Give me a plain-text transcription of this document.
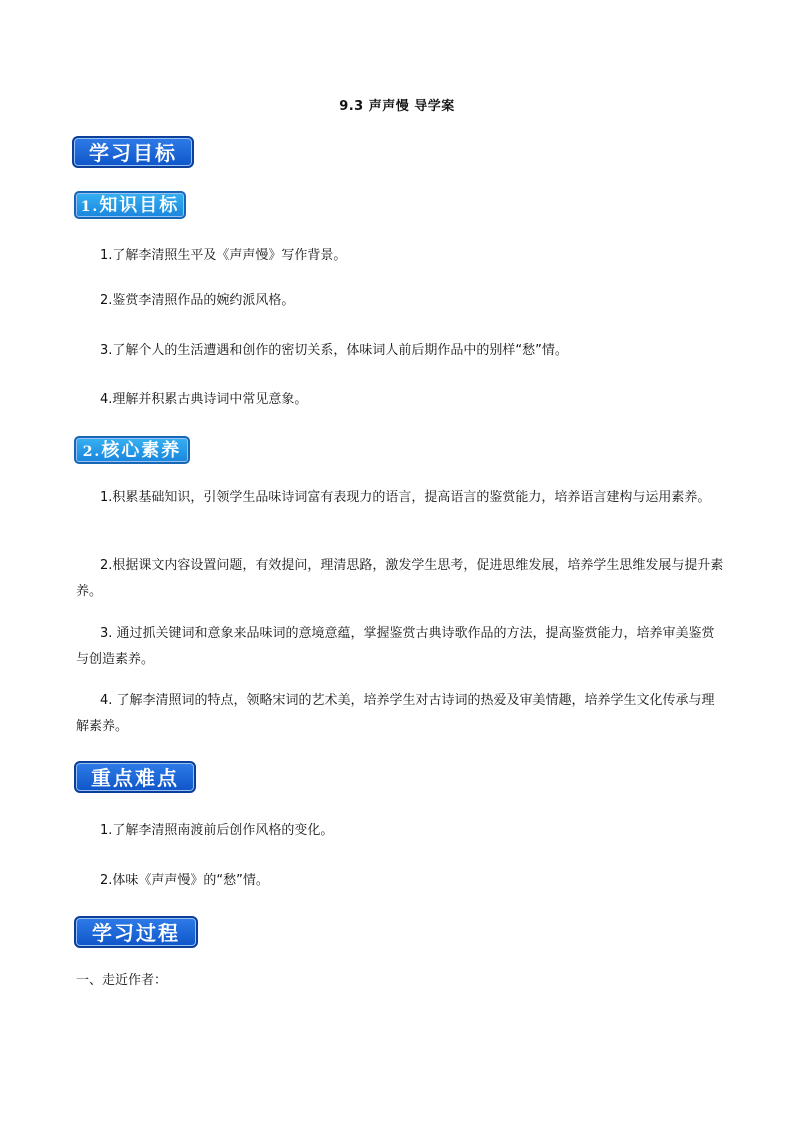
9.3 声声慢 导学案
学习目标
1.知识目标
1.了解李清照生平及《声声慢》写作背景。
2.鉴赏李清照作品的婉约派风格。
3.了解个人的生活遭遇和创作的密切关系，体味词人前后期作品中的别样“愁”情。
4.理解并积累古典诗词中常见意象。
2.核心素养
1.积累基础知识，引领学生品味诗词富有表现力的语言，提高语言的鉴赏能力，培养语言建构与运用素养。
2.根据课文内容设置问题，有效提问，理清思路，激发学生思考，促进思维发展，培养学生思维发展与提升素养。
3. 通过抓关键词和意象来品味词的意境意蕴，掌握鉴赏古典诗歌作品的方法，提高鉴赏能力，培养审美鉴赏与创造素养。
4. 了解李清照词的特点，领略宋词的艺术美，培养学生对古诗词的热爱及审美情趣，培养学生文化传承与理解素养。
重点难点
1.了解李清照南渡前后创作风格的变化。
2.体味《声声慢》的“愁”情。
学习过程
一、走近作者：
